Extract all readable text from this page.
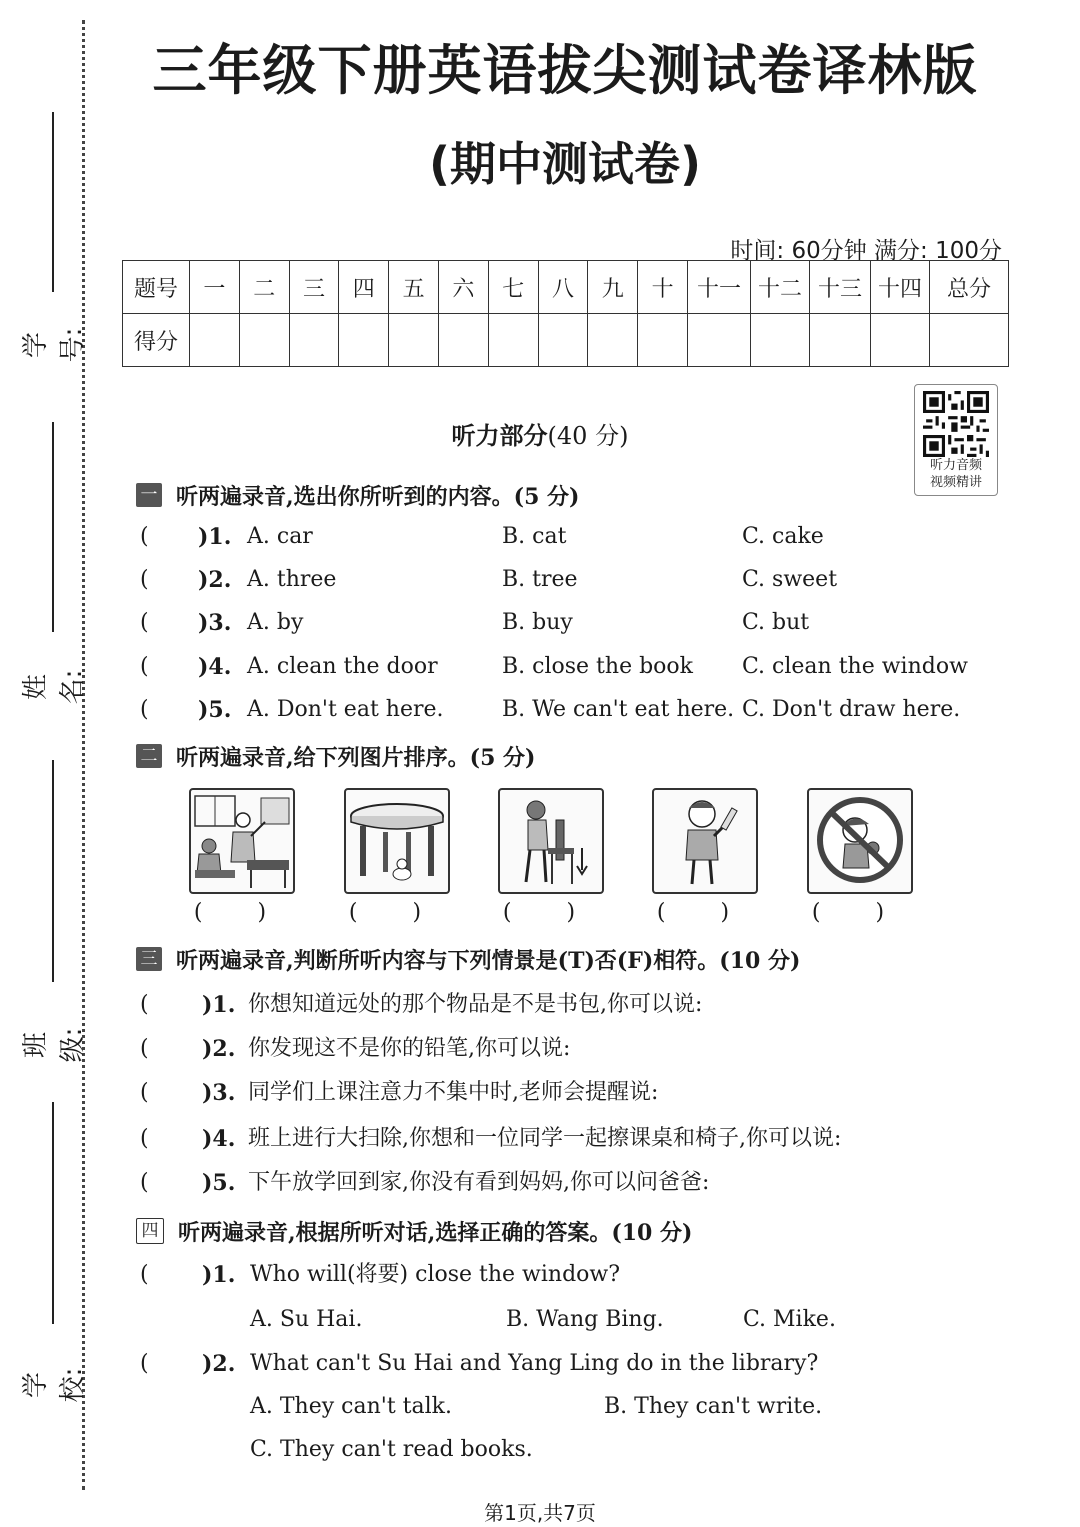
学号:
姓名:
班级:
学校:
三年级下册英语拔尖测试卷译林版
(期中测试卷)
时间: 60分钟 满分: 100分
题号	一	二	三	四	五	六	七	八	九	十	十一	十二	十三	十四	总分
得分															
听力音频
视频精讲
听力部分(40 分)
一 听两遍录音,选出你所听到的内容。(5 分)
( )1. A. car	B. cat	C. cake
( )2. A. three	B. tree	C. sweet
( )3. A. by	B. buy	C. but
( )4. A. clean the door	B. close the book C. clean the window
( )5. A. Don't eat here.	B. We can't eat here. C. Don't draw here.
二 听两遍录音,给下列图片排序。(5 分)
( )	( )	( )	( )	( )
三 听两遍录音,判断所听内容与下列情景是(T)否(F)相符。(10 分)
( )1. 你想知道远处的那个物品是不是书包,你可以说:
( )2. 你发现这不是你的铅笔,你可以说:
( )3. 同学们上课注意力不集中时,老师会提醒说:
( )4. 班上进行大扫除,你想和一位同学一起擦课桌和椅子,你可以说:
( )5. 下午放学回到家,你没有看到妈妈,你可以问爸爸:
四 听两遍录音,根据所听对话,选择正确的答案。(10 分)
( )1. Who will(将要) close the window?
A. Su Hai.	B. Wang Bing.	C. Mike.
( )2. What can't Su Hai and Yang Ling do in the library?
A. They can't talk.	B. They can't write.
C. They can't read books.
第1页,共7页
